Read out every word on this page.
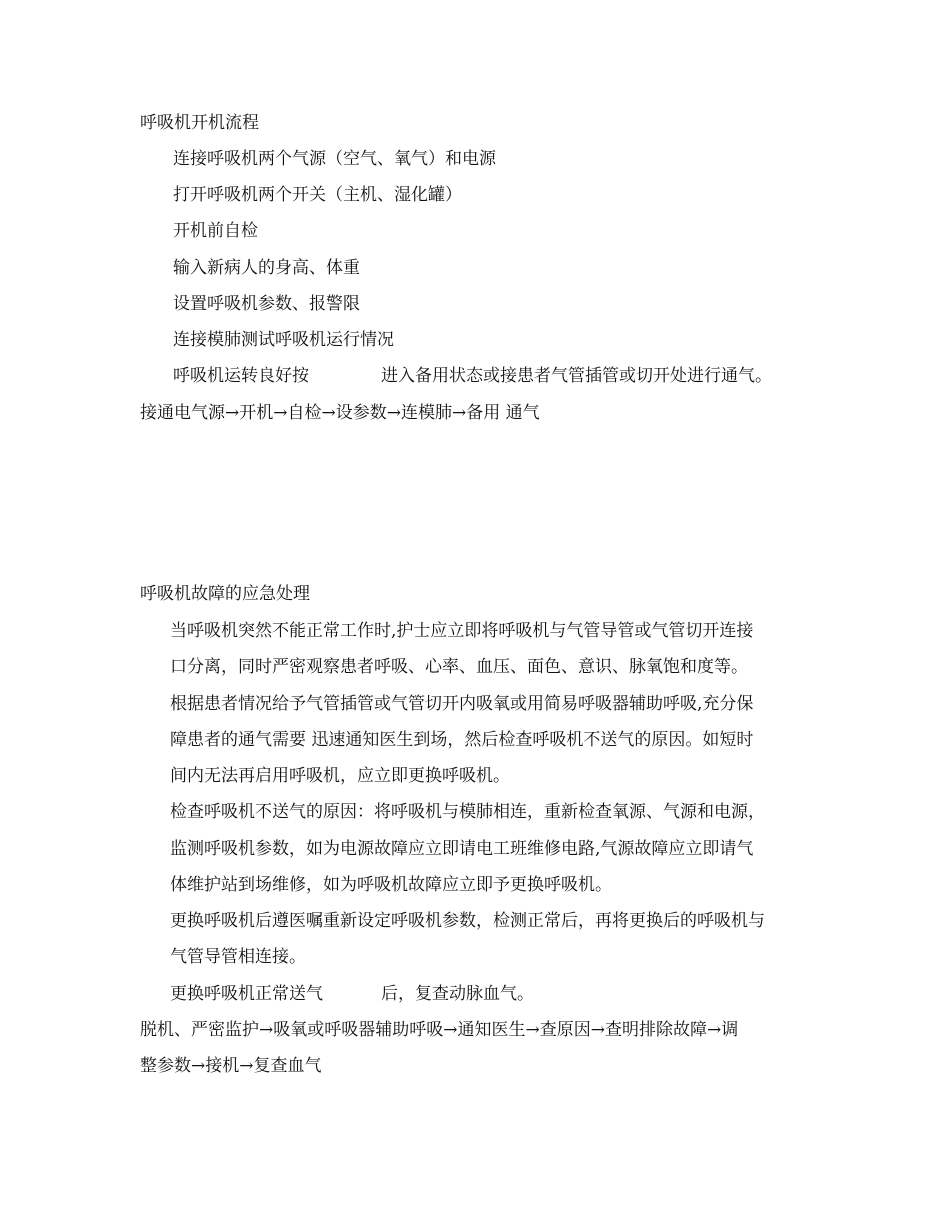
呼吸机开机流程
连接呼吸机两个气源（空气、氧气）和电源
打开呼吸机两个开关（主机、湿化罐）
开机前自检
输入新病人的身高、体重
设置呼吸机参数、报警限
连接模肺测试呼吸机运行情况
呼吸机运转良好按	进入备用状态或接患者气管插管或切开处进行通气。
接通电气源→开机→自检→设参数→连模肺→备用 通气
呼吸机故障的应急处理
当呼吸机突然不能正常工作时,护士应立即将呼吸机与气管导管或气管切开连接
口分离，同时严密观察患者呼吸、心率、血压、面色、意识、脉氧饱和度等。
根据患者情况给予气管插管或气管切开内吸氧或用简易呼吸器辅助呼吸,充分保
障患者的通气需要 迅速通知医生到场，然后检查呼吸机不送气的原因。如短时
间内无法再启用呼吸机，应立即更换呼吸机。
检查呼吸机不送气的原因：将呼吸机与模肺相连，重新检查氧源、气源和电源，
监测呼吸机参数，如为电源故障应立即请电工班维修电路,气源故障应立即请气
体维护站到场维修，如为呼吸机故障应立即予更换呼吸机。
更换呼吸机后遵医嘱重新设定呼吸机参数，检测正常后，再将更换后的呼吸机与
气管导管相连接。
更换呼吸机正常送气	后，复查动脉血气。
脱机、严密监护→吸氧或呼吸器辅助呼吸→通知医生→查原因→查明排除故障→调
整参数→接机→复查血气
